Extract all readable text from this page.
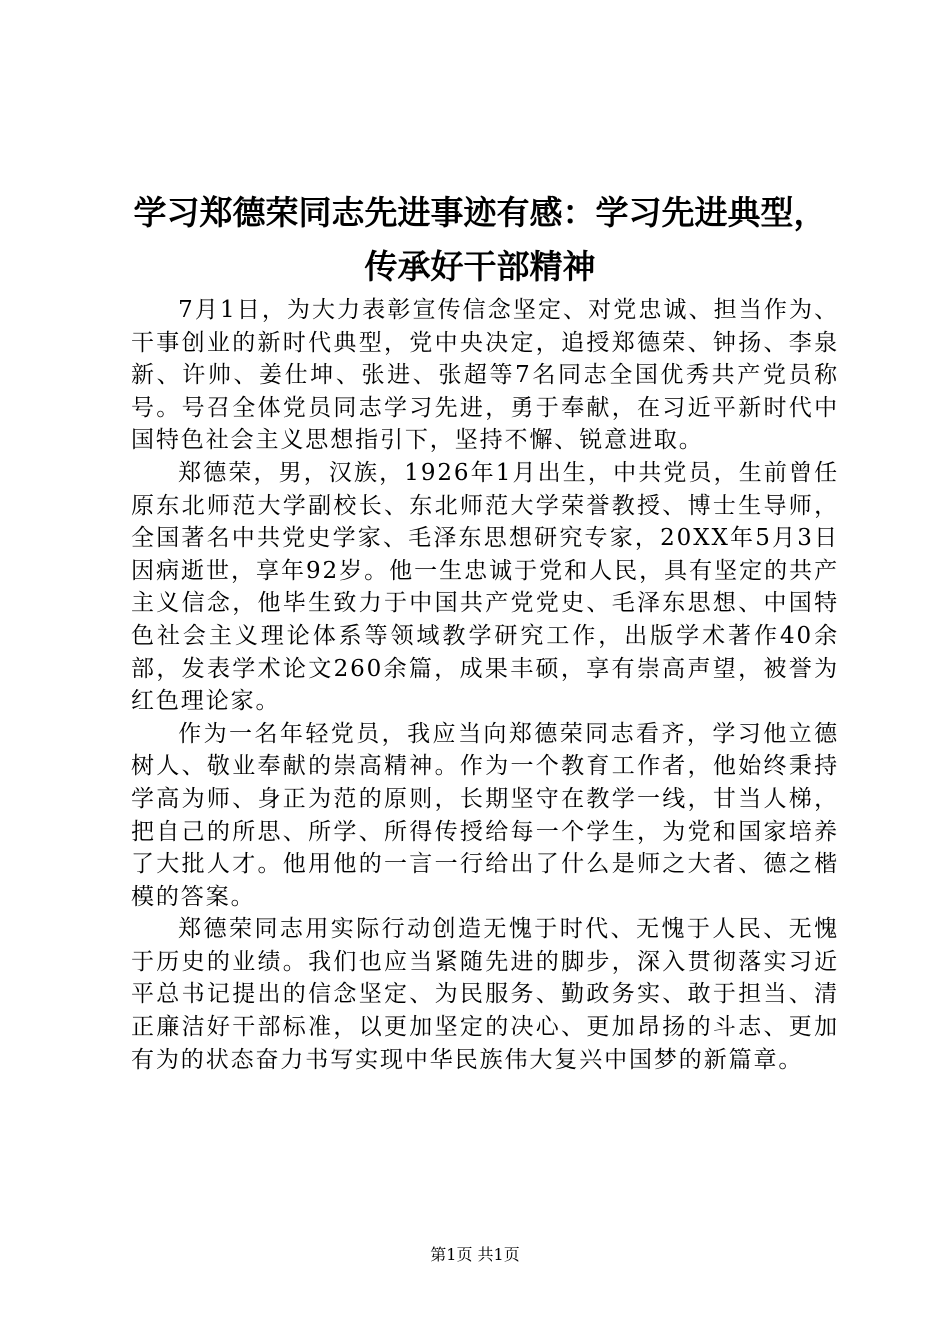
学习郑德荣同志先进事迹有感：学习先进典型，
传承好干部精神

7月1日，为大力表彰宣传信念坚定、对党忠诚、担当作为、干事创业的新时代典型，党中央决定，追授郑德荣、钟扬、李泉新、许帅、姜仕坤、张进、张超等7名同志全国优秀共产党员称号。号召全体党员同志学习先进，勇于奉献，在习近平新时代中国特色社会主义思想指引下，坚持不懈、锐意进取。

郑德荣，男，汉族，1926年1月出生，中共党员，生前曾任原东北师范大学副校长、东北师范大学荣誉教授、博士生导师，全国著名中共党史学家、毛泽东思想研究专家，20XX年5月3日因病逝世，享年92岁。他一生忠诚于党和人民，具有坚定的共产主义信念，他毕生致力于中国共产党党史、毛泽东思想、中国特色社会主义理论体系等领域教学研究工作，出版学术著作40余部，发表学术论文260余篇，成果丰硕，享有崇高声望，被誉为红色理论家。

作为一名年轻党员，我应当向郑德荣同志看齐，学习他立德树人、敬业奉献的崇高精神。作为一个教育工作者，他始终秉持学高为师、身正为范的原则，长期坚守在教学一线，甘当人梯，把自己的所思、所学、所得传授给每一个学生，为党和国家培养了大批人才。他用他的一言一行给出了什么是师之大者、德之楷模的答案。

郑德荣同志用实际行动创造无愧于时代、无愧于人民、无愧于历史的业绩。我们也应当紧随先进的脚步，深入贯彻落实习近平总书记提出的信念坚定、为民服务、勤政务实、敢于担当、清正廉洁好干部标准，以更加坚定的决心、更加昂扬的斗志、更加有为的状态奋力书写实现中华民族伟大复兴中国梦的新篇章。

第1页 共1页
